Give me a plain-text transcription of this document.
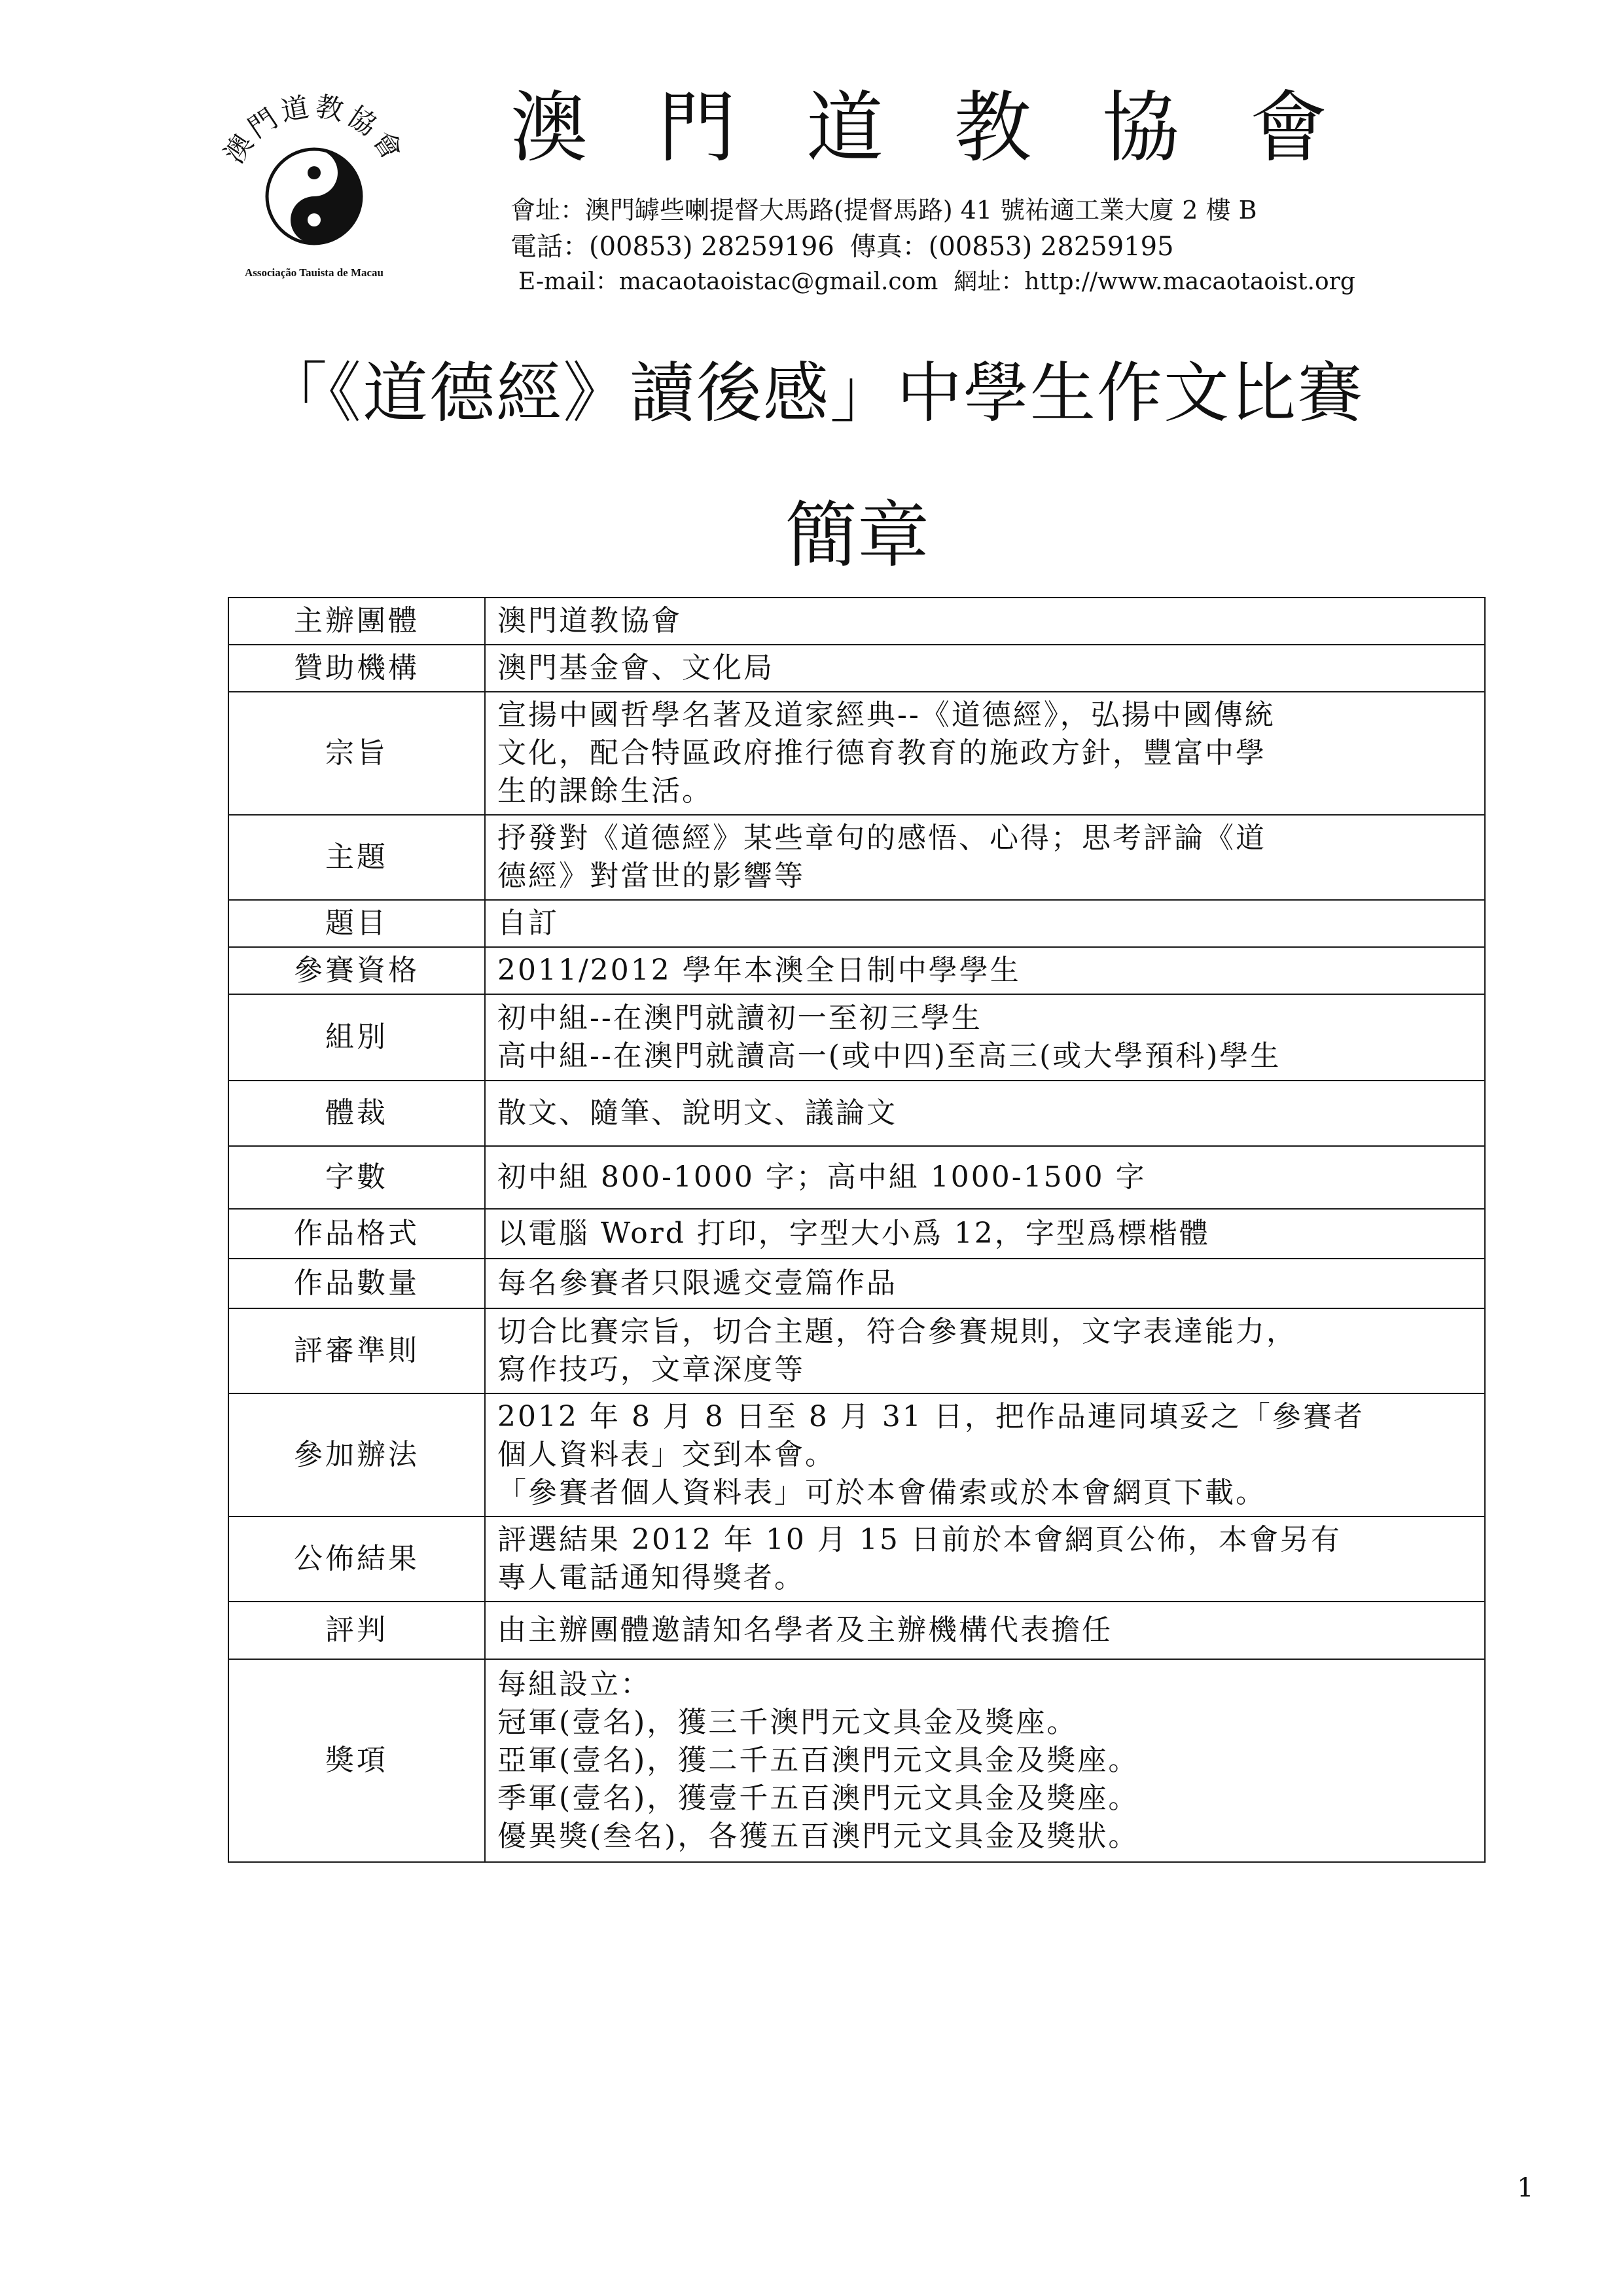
澳門道教協會
Associação Tauista de Macau
澳門道教協會
會址：澳門罅些喇提督大馬路(提督馬路) 41 號祐適工業大廈 2 樓 B
電話：(00853) 28259196 傳真：(00853) 28259195
E-mail：macaotaoistac@gmail.com 網址：http://www.macaotaoist.org
「《道德經》讀後感」中學生作文比賽
簡章
主辦團體	澳門道教協會

贊助機構	澳門基金會、文化局

宗旨	宣揚中國哲學名著及道家經典--《道德經》，弘揚中國傳統
文化，配合特區政府推行德育教育的施政方針，豐富中學
生的課餘生活。

主題	抒發對《道德經》某些章句的感悟、心得；思考評論《道
德經》對當世的影響等

題目	自訂

參賽資格	2011/2012 學年本澳全日制中學學生

組別	初中組--在澳門就讀初一至初三學生
高中組--在澳門就讀高一(或中四)至高三(或大學預科)學生

體裁	散文、隨筆、說明文、議論文

字數	初中組 800-1000 字；高中組 1000-1500 字

作品格式	以電腦 Word 打印，字型大小爲 12，字型爲標楷體

作品數量	每名參賽者只限遞交壹篇作品

評審準則	切合比賽宗旨，切合主題，符合參賽規則，文字表達能力，
寫作技巧，文章深度等

參加辦法	2012 年 8 月 8 日至 8 月 31 日，把作品連同填妥之「參賽者
個人資料表」交到本會。
「參賽者個人資料表」可於本會備索或於本會網頁下載。

公佈結果	評選結果 2012 年 10 月 15 日前於本會網頁公佈，本會另有
專人電話通知得獎者。

評判	由主辦團體邀請知名學者及主辦機構代表擔任

獎項	每組設立：
冠軍(壹名)，獲三千澳門元文具金及獎座。
亞軍(壹名)，獲二千五百澳門元文具金及獎座。
季軍(壹名)，獲壹千五百澳門元文具金及獎座。
優異獎(叁名)，各獲五百澳門元文具金及獎狀。
1
